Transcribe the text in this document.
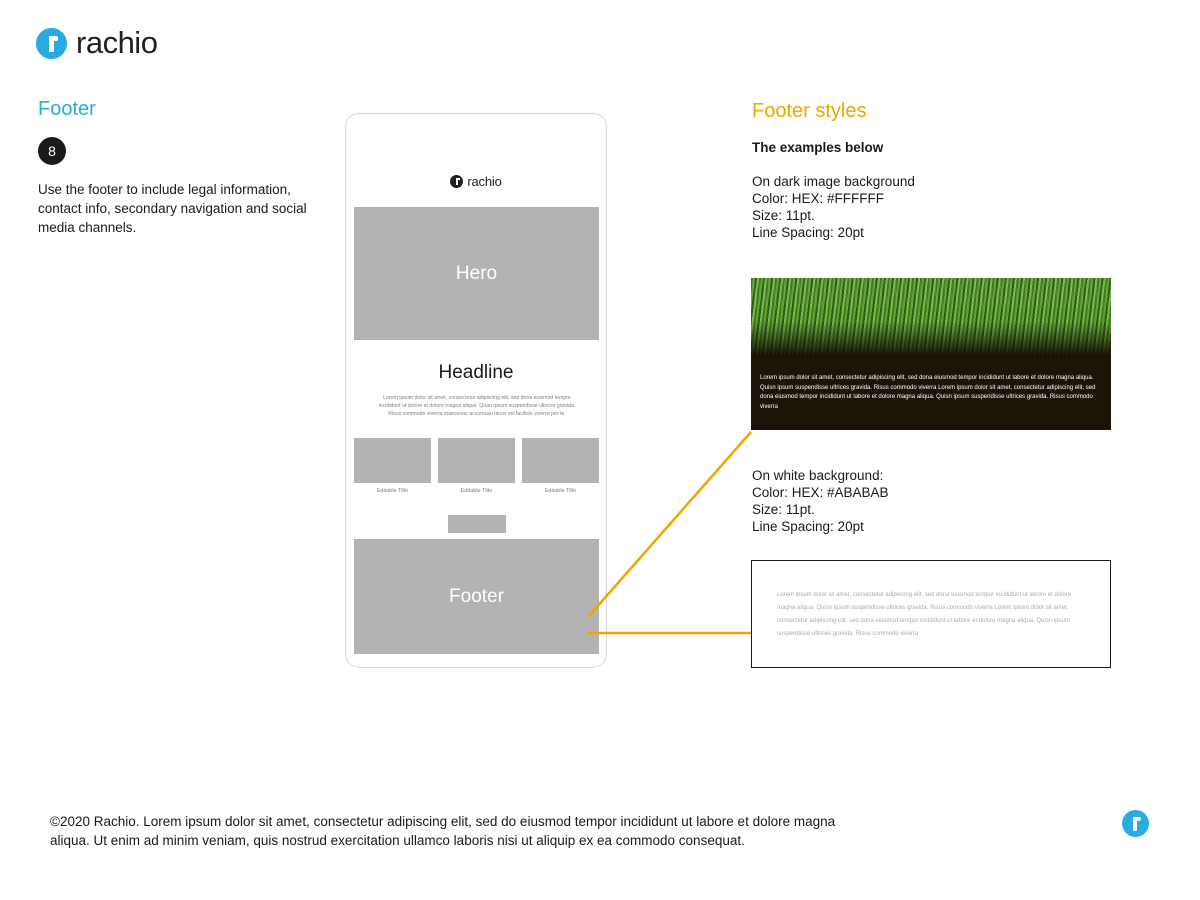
rachio
Footer
8

Use the footer to include legal information, contact info, secondary navigation and social media channels.

rachio
Hero
Headline
Lorem ipsum dolor sit amet, consectetur adipiscing elit, sed dona eiusmod tempor incididunt ut dolore et dolore magna aliqua. Quan ipsum suspendisse ultrices gravida. Risus commodo viverra maecenas accumsan lacus vel facilisis viverra per te.
Editable Title	Editable Title	Editable Title
Footer
Footer styles

The examples below

On dark image background
Color: HEX: #FFFFFF
Size: 11pt.
Line Spacing: 20pt
On white background:
Color: HEX: #ABABAB
Size: 11pt.
Line Spacing: 20pt
Lorem ipsum dolor sit amet, consectetur adipiscing elit, sed dona eiusmod tempor incididunt ut labore et dolore magna aliqua. Quisn ipsum suspendisse ultrices gravida. Risus commodo viverra Lorem ipsum dolor sit amet, consectetur adipiscing elit, sed dona eiusmod tempor incididunt ut labore et dolore magna aliqua. Quisn ipsum suspendisse ultrices gravida. Risus commodo viverra
Lorem ipsum dolor sit amet, consectetur adipiscing elit, sed dona eiusmod tempor incididunt ut labore et dolore magna aliqua. Quisn ipsum suspendisse ultrices gravida. Risus commodo viverra Lorem ipsum dolor sit amet, consectetur adipiscing elit, sed dona eiusmod tempor incididunt ut labore et dolore magna aliqua. Quisn ipsum suspendisse ultrices gravida. Risus commodo viverra
©2020 Rachio. Lorem ipsum dolor sit amet, consectetur adipiscing elit, sed do eiusmod tempor incididunt ut labore et dolore magna aliqua. Ut enim ad minim veniam, quis nostrud exercitation ullamco laboris nisi ut aliquip ex ea commodo consequat.
